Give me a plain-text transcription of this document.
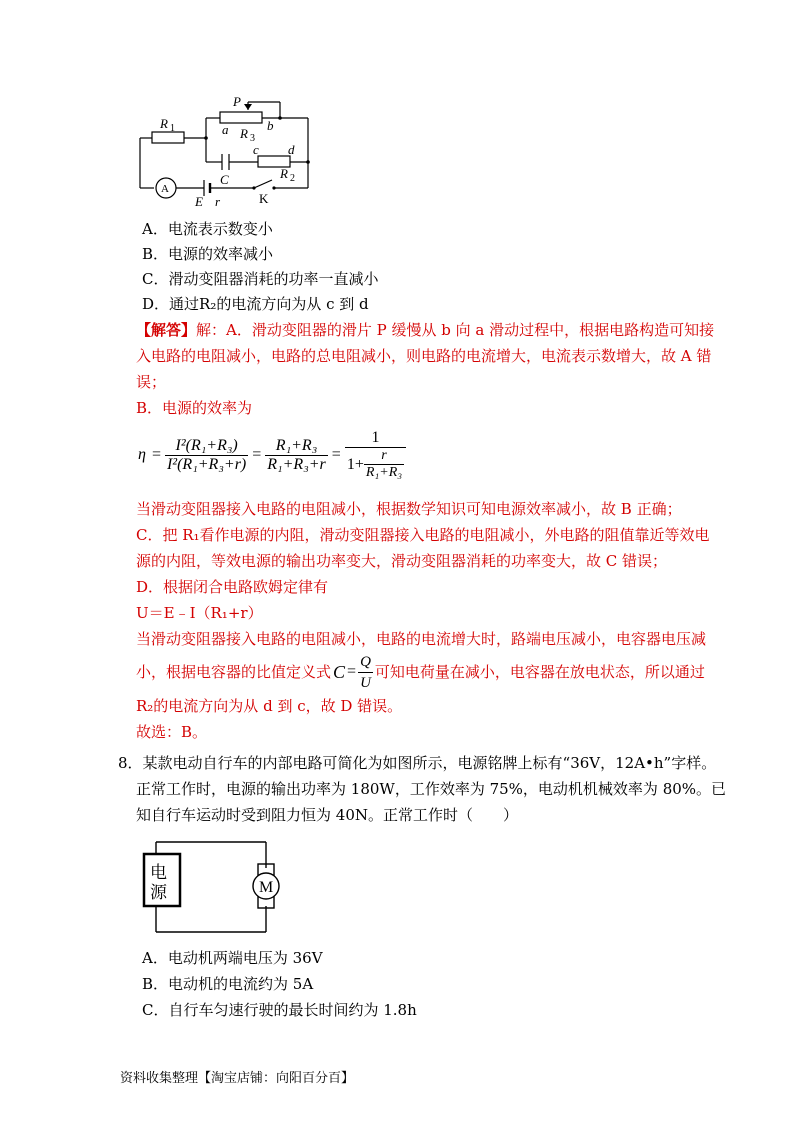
P
R 1	a	b
R 3
c d
C	R 2
E r	K
A
A．电流表示数变小
B．电源的效率减小
C．滑动变阻器消耗的功率一直减小
D．通过R₂的电流方向为从 c 到 d
【解答】解：A．滑动变阻器的滑片 P 缓慢从 b 向 a 滑动过程中，根据电路构造可知接
入电路的电阻减小，电路的总电阻减小，则电路的电流增大，电流表示数增大，故 A 错
误；
B．电源的效率为
$\eta = \frac{\text{I²(R₁+R₃)}}{\text{I²(R₁+R₃+r)}} = \frac{\text{R₁+R₃}}{\text{R₁+R₃+r}} = \frac{1}{1+ \frac{r}{\text{R₁+R₃}}}$
当滑动变阻器接入电路的电阻减小，根据数学知识可知电源效率减小，故 B 正确；
C．把 R₁看作电源的内阻，滑动变阻器接入电路的电阻减小，外电路的阻值靠近等效电
源的内阻，等效电源的输出功率变大，滑动变阻器消耗的功率变大，故 C 错误；
D．根据闭合电路欧姆定律有
U＝E﹣I（R₁+r）
当滑动变阻器接入电路的电阻减小，电路的电流增大时，路端电压减小，电容器电压减
小，根据电容器的比值定义式 $C = \frac{Q}{U}$ 可知电荷量在减小，电容器在放电状态，所以通过
R₂的电流方向为从 d 到 c，故 D 错误。
故选：B。
8．某款电动自行车的内部电路可简化为如图所示，电源铭牌上标有“36V，12A•h”字样。
正常工作时，电源的输出功率为 180W，工作效率为 75%，电动机机械效率为 80%。已
知自行车运动时受到阻力恒为 40N。正常工作时（　　）
电
源	M
A．电动机两端电压为 36V
B．电动机的电流约为 5A
C．自行车匀速行驶的最长时间约为 1.8h
资料收集整理【淘宝店铺：向阳百分百】
